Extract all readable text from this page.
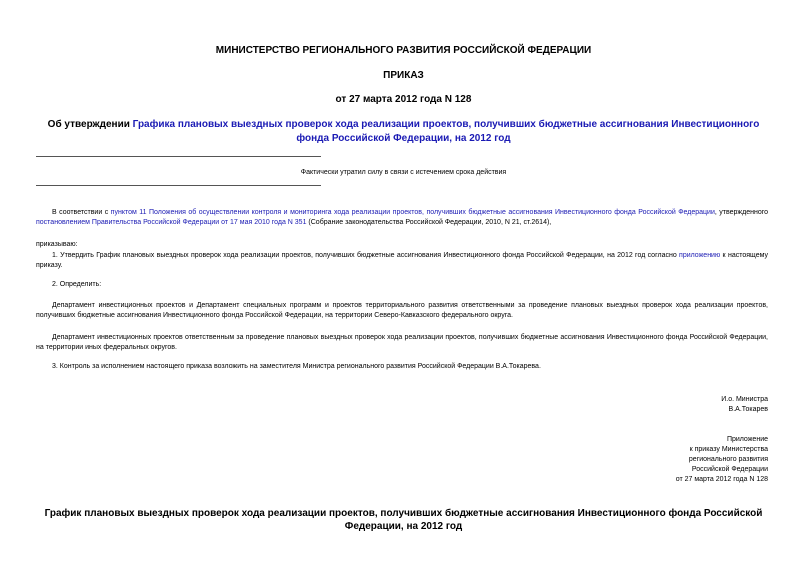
МИНИСТЕРСТВО РЕГИОНАЛЬНОГО РАЗВИТИЯ РОССИЙСКОЙ ФЕДЕРАЦИИ
ПРИКАЗ
от 27 марта 2012 года N 128
Об утверждении Графика плановых выездных проверок хода реализации проектов, получивших бюджетные ассигнования Инвестиционного фонда Российской Федерации, на 2012 год
Фактически утратил силу в связи с истечением срока действия
В соответствии с пунктом 11 Положения об осуществлении контроля и мониторинга хода реализации проектов, получивших бюджетные ассигнования Инвестиционного фонда Российской Федерации, утвержденного постановлением Правительства Российской Федерации от 17 мая 2010 года N 351 (Собрание законодательства Российской Федерации, 2010, N 21, ст.2614),
приказываю:
1. Утвердить График плановых выездных проверок хода реализации проектов, получивших бюджетные ассигнования Инвестиционного фонда Российской Федерации, на 2012 год согласно приложению к настоящему приказу.
2. Определить:
Департамент инвестиционных проектов и Департамент специальных программ и проектов территориального развития ответственными за проведение плановых выездных проверок хода реализации проектов, получивших бюджетные ассигнования Инвестиционного фонда Российской Федерации, на территории Северо-Кавказского федерального округа.
Департамент инвестиционных проектов ответственным за проведение плановых выездных проверок хода реализации проектов, получивших бюджетные ассигнования Инвестиционного фонда Российской Федерации, на территории иных федеральных округов.
3. Контроль за исполнением настоящего приказа возложить на заместителя Министра регионального развития Российской Федерации В.А.Токарева.
И.о. Министра
В.А.Токарев
Приложение
к приказу Министерства
регионального развития
Российской Федерации
от 27 марта 2012 года N 128
График плановых выездных проверок хода реализации проектов, получивших бюджетные ассигнования Инвестиционного фонда Российской Федерации, на 2012 год
